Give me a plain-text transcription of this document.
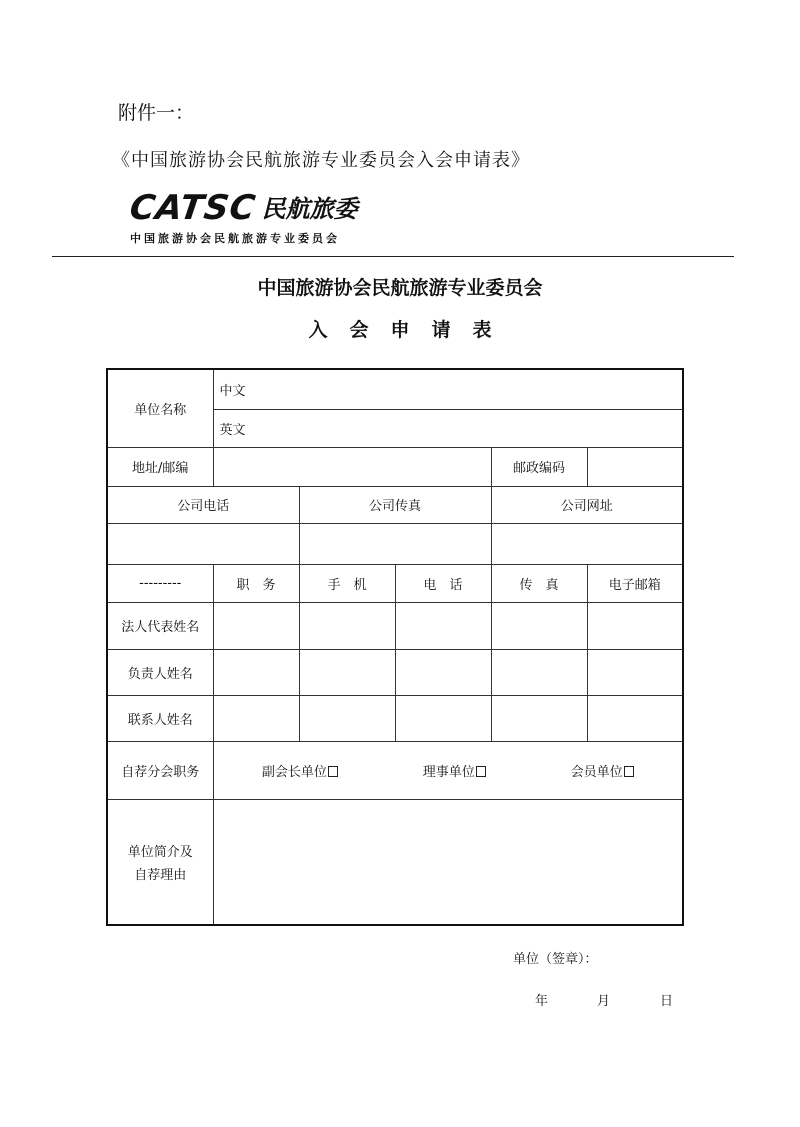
附件一：
《中国旅游协会民航旅游专业委员会入会申请表》
CATSC 民航旅委
中国旅游协会民航旅游专业委员会
中国旅游协会民航旅游专业委员会
入会申请表
单位名称	中文				
	英文				
地址/邮编				邮政编码	
公司电话		公司传真		公司网址	

---------	职　务	手　机	电　话	传　真	电子邮箱
法人代表姓名					
负责人姓名					
联系人姓名					
自荐分会职务	副会长单位 理事单位 会员单位				

单位简介及
自荐理由					

单位（签章）：
年	月	日
